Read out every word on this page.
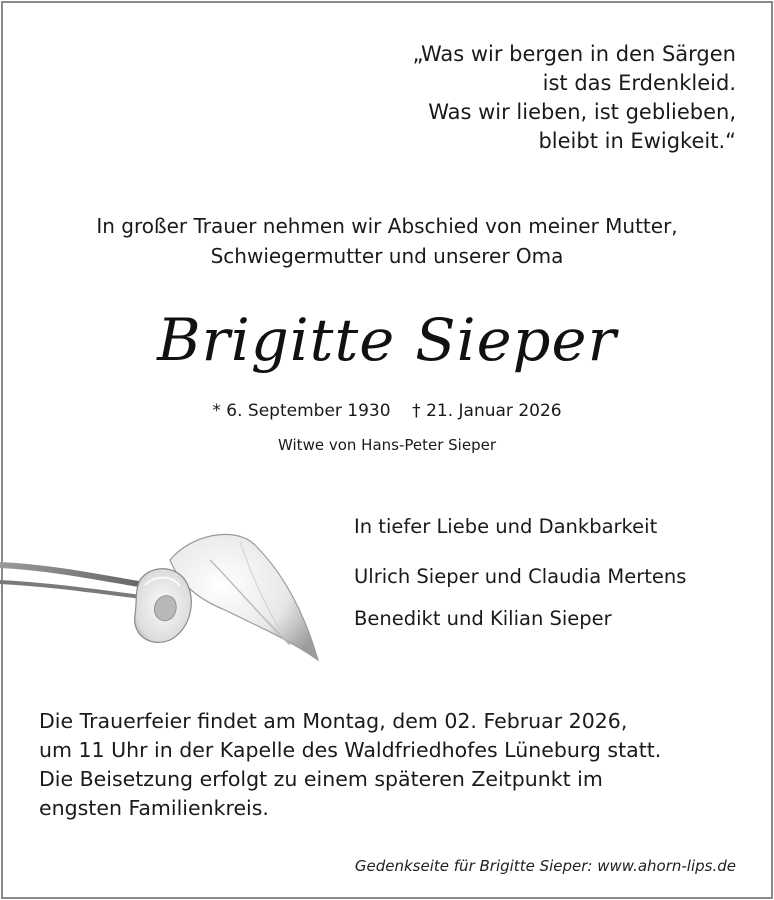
„Was wir bergen in den Särgen
ist das Erdenkleid.
Was wir lieben, ist geblieben,
bleibt in Ewigkeit.“
In großer Trauer nehmen wir Abschied von meiner Mutter,
Schwiegermutter und unserer Oma
Brigitte Sieper
* 6. September 1930    † 21. Januar 2026
Witwe von Hans-Peter Sieper
In tiefer Liebe und Dankbarkeit
Ulrich Sieper und Claudia Mertens
Benedikt und Kilian Sieper
Die Trauerfeier findet am Montag, dem 02. Februar 2026,
um 11 Uhr in der Kapelle des Waldfriedhofes Lüneburg statt.
Die Beisetzung erfolgt zu einem späteren Zeitpunkt im
engsten Familienkreis.
Gedenkseite für Brigitte Sieper: www.ahorn-lips.de
